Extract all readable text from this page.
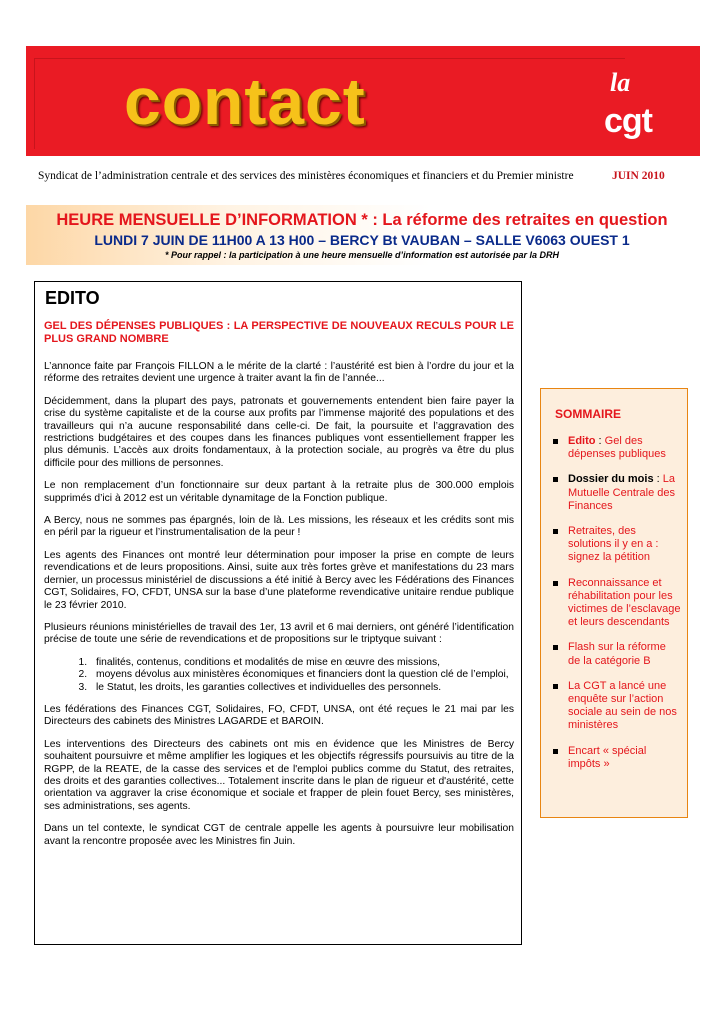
contact	la
cgt
Syndicat de l’administration centrale et des services des ministères économiques et financiers et du Premier ministre	JUIN 2010
HEURE MENSUELLE D’INFORMATION * : La réforme des retraites en question
LUNDI 7 JUIN DE 11H00 A 13 H00 – BERCY Bt VAUBAN – SALLE V6063 OUEST 1
* Pour rappel : la participation à une heure mensuelle d’information est autorisée par la DRH
EDITO
GEL DES DÉPENSES PUBLIQUES : LA PERSPECTIVE DE NOUVEAUX RECULS POUR LE PLUS GRAND NOMBRE

L’annonce faite par François FILLON a le mérite de la clarté : l’austérité est bien à l’ordre du jour et la réforme des retraites devient une urgence à traiter avant la fin de l’année...

Décidemment, dans la plupart des pays, patronats et gouvernements entendent bien faire payer la crise du système capitaliste et de la course aux profits par l’immense majorité des populations et des travailleurs qui n’a aucune responsabilité dans celle-ci. De fait, la poursuite et l’aggravation des restrictions budgétaires et des coupes dans les finances publiques vont essentiellement frapper les plus démunis. L’accès aux droits fondamentaux, à la protection sociale, au progrès va être du plus difficile pour des millions de personnes.

Le non remplacement d’un fonctionnaire sur deux partant à la retraite plus de 300.000 emplois supprimés d’ici à 2012 est un véritable dynamitage de la Fonction publique.

A Bercy, nous ne sommes pas épargnés, loin de là. Les missions, les réseaux et les crédits sont mis en péril par la rigueur et l’instrumentalisation de la peur !

Les agents des Finances ont montré leur détermination pour imposer la prise en compte de leurs revendications et de leurs propositions. Ainsi, suite aux très fortes grève et manifestations du 23 mars dernier, un processus ministériel de discussions a été initié à Bercy avec les Fédérations des Finances CGT, Solidaires, FO, CFDT, UNSA sur la base d’une plateforme revendicative unitaire rendue publique le 23 février 2010.

Plusieurs réunions ministérielles de travail des 1er, 13 avril et 6 mai derniers, ont généré l’identification précise de toute une série de revendications et de propositions sur le triptyque suivant :

1. finalités, contenus, conditions et modalités de mise en œuvre des missions,
2. moyens dévolus aux ministères économiques et financiers dont la question clé de l’emploi,
3. le Statut, les droits, les garanties collectives et individuelles des personnels.

Les fédérations des Finances CGT, Solidaires, FO, CFDT, UNSA, ont été reçues le 21 mai par les Directeurs des cabinets des Ministres LAGARDE et BAROIN.

Les interventions des Directeurs des cabinets ont mis en évidence que les Ministres de Bercy souhaitent poursuivre et même amplifier les logiques et les objectifs régressifs poursuivis au titre de la RGPP, de la REATE, de la casse des services et de l'emploi publics comme du Statut, des retraites, des droits et des garanties collectives... Totalement inscrite dans le plan de rigueur et d'austérité, cette orientation va aggraver la crise économique et sociale et frapper de plein fouet Bercy, ses ministères, ses administrations, ses agents.

Dans un tel contexte, le syndicat CGT de centrale appelle les agents à poursuivre leur mobilisation avant la rencontre proposée avec les Ministres fin Juin.

SOMMAIRE
Edito : Gel des dépenses publiques
Dossier du mois : La Mutuelle Centrale des Finances
Retraites, des solutions il y en a : signez la pétition
Reconnaissance et réhabilitation pour les victimes de l’esclavage et leurs descendants
Flash sur la réforme de la catégorie B
La CGT a lancé une enquête sur l’action sociale au sein de nos ministères
Encart « spécial impôts »
